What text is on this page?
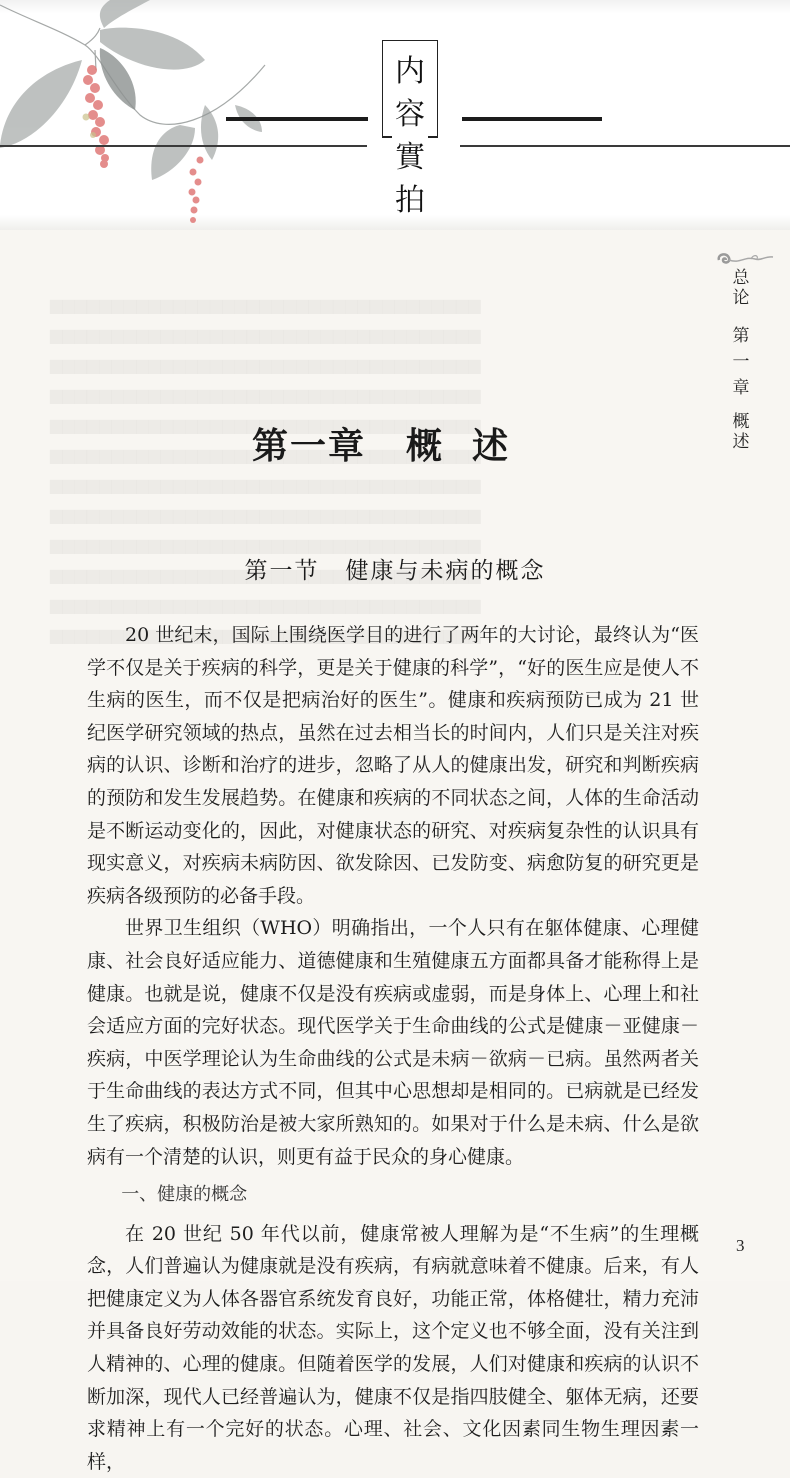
内
容
實
拍

总
论
第
一
章
概
述
第一章 概述
第一节 健康与未病的概念

20 世纪末，国际上围绕医学目的进行了两年的大讨论，最终认为“医学不仅是关于疾病的科学，更是关于健康的科学”，“好的医生应是使人不生病的医生，而不仅是把病治好的医生”。健康和疾病预防已成为 21 世纪医学研究领域的热点，虽然在过去相当长的时间内，人们只是关注对疾病的认识、诊断和治疗的进步，忽略了从人的健康出发，研究和判断疾病的预防和发生发展趋势。在健康和疾病的不同状态之间，人体的生命活动是不断运动变化的，因此，对健康状态的研究、对疾病复杂性的认识具有现实意义，对疾病未病防因、欲发除因、已发防变、病愈防复的研究更是疾病各级预防的必备手段。

世界卫生组织（WHO）明确指出，一个人只有在躯体健康、心理健康、社会良好适应能力、道德健康和生殖健康五方面都具备才能称得上是健康。也就是说，健康不仅是没有疾病或虚弱，而是身体上、心理上和社会适应方面的完好状态。现代医学关于生命曲线的公式是健康－亚健康－疾病，中医学理论认为生命曲线的公式是未病－欲病－已病。虽然两者关于生命曲线的表达方式不同，但其中心思想却是相同的。已病就是已经发生了疾病，积极防治是被大家所熟知的。如果对于什么是未病、什么是欲病有一个清楚的认识，则更有益于民众的身心健康。

一、健康的概念

在 20 世纪 50 年代以前，健康常被人理解为是“不生病”的生理概念，人们普遍认为健康就是没有疾病，有病就意味着不健康。后来，有人把健康定义为人体各器官系统发育良好，功能正常，体格健壮，精力充沛并具备良好劳动效能的状态。实际上，这个定义也不够全面，没有关注到人精神的、心理的健康。但随着医学的发展，人们对健康和疾病的认识不断加深，现代人已经普遍认为，健康不仅是指四肢健全、躯体无病，还要求精神上有一个完好的状态。心理、社会、文化因素同生物生理因素一样，

3
